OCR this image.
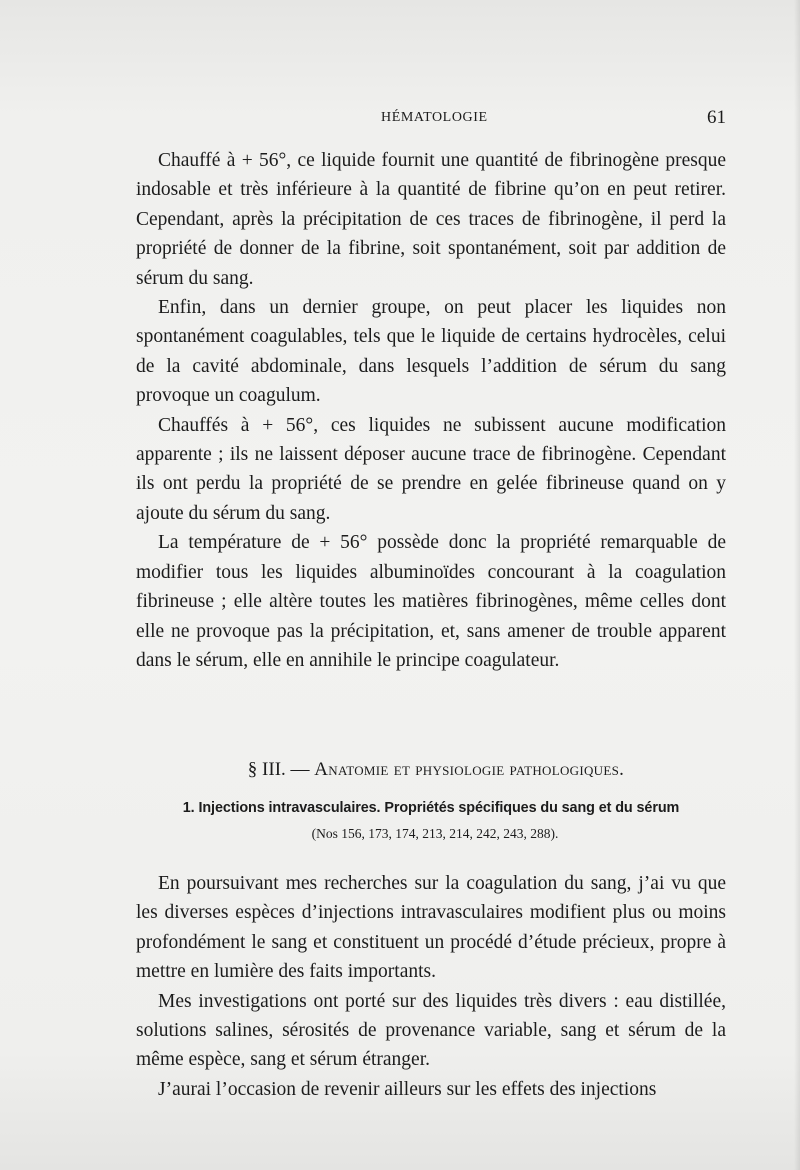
HÉMATOLOGIE	61

Chauffé à + 56°, ce liquide fournit une quantité de fibrinogène presque indosable et très inférieure à la quantité de fibrine qu’on en peut retirer. Cependant, après la précipitation de ces traces de fibrinogène, il perd la propriété de donner de la fibrine, soit spontanément, soit par addition de sérum du sang.

Enfin, dans un dernier groupe, on peut placer les liquides non spontanément coagulables, tels que le liquide de certains hydrocèles, celui de la cavité abdominale, dans lesquels l’addition de sérum du sang provoque un coagulum.

Chauffés à + 56°, ces liquides ne subissent aucune modification apparente ; ils ne laissent déposer aucune trace de fibrinogène. Cependant ils ont perdu la propriété de se prendre en gelée fibrineuse quand on y ajoute du sérum du sang.

La température de + 56° possède donc la propriété remarquable de modifier tous les liquides albuminoïdes concourant à la coagulation fibrineuse ; elle altère toutes les matières fibrinogènes, même celles dont elle ne provoque pas la précipitation, et, sans amener de trouble apparent dans le sérum, elle en annihile le principe coagulateur.

§ III. — Anatomie et physiologie pathologiques.

1. Injections intravasculaires. Propriétés spécifiques du sang et du sérum

(Nos 156, 173, 174, 213, 214, 242, 243, 288).

En poursuivant mes recherches sur la coagulation du sang, j’ai vu que les diverses espèces d’injections intravasculaires modifient plus ou moins profondément le sang et constituent un procédé d’étude précieux, propre à mettre en lumière des faits importants.

Mes investigations ont porté sur des liquides très divers : eau distillée, solutions salines, sérosités de provenance variable, sang et sérum de la même espèce, sang et sérum étranger.

J’aurai l’occasion de revenir ailleurs sur les effets des injections
